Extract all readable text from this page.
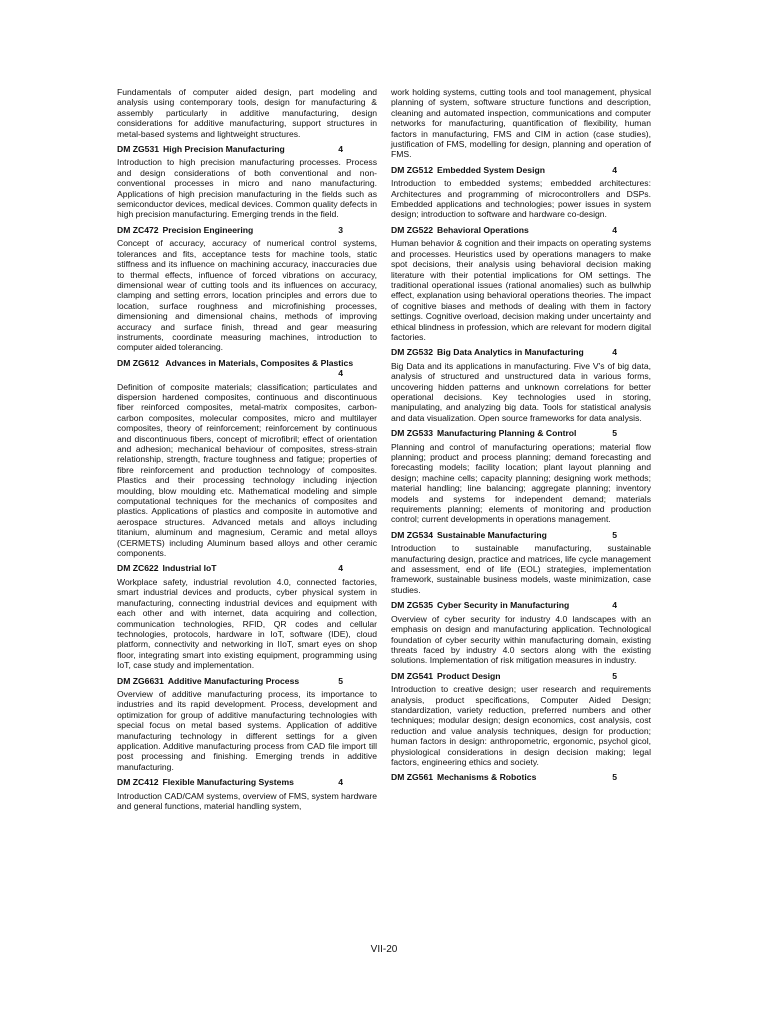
Fundamentals of computer aided design, part modeling and analysis using contemporary tools, design for manufacturing & assembly particularly in additive manufacturing, design considerations for additive manufacturing, support structures in metal-based systems and lightweight structures.

DM ZG531 High Precision Manufacturing	4

Introduction to high precision manufacturing processes. Process and design considerations of both conventional and non-conventional processes in micro and nano manufacturing. Applications of high precision manufacturing in the fields such as semiconductor devices, medical devices. Common quality defects in high precision manufacturing. Emerging trends in the field.

DM ZC472 Precision Engineering	3

Concept of accuracy, accuracy of numerical control systems, tolerances and fits, acceptance tests for machine tools, static stiffness and its influence on machining accuracy, inaccuracies due to thermal effects, influence of forced vibrations on accuracy, dimensional wear of cutting tools and its influences on accuracy, clamping and setting errors, location principles and errors due to location, surface roughness and microfinishing processes, dimensioning and dimensional chains, methods of improving accuracy and surface finish, thread and gear measuring instruments, coordinate measuring machines, introduction to computer aided tolerancing.

DM ZG612 Advances in Materials, Composites & Plastics
4

Definition of composite materials; classification; particulates and dispersion hardened composites, continuous and discontinuous fiber reinforced composites, metal-matrix composites, carbon-carbon composites, molecular composites, micro and multilayer composites, theory of reinforcement; reinforcement by continuous and discontinuous fibers, concept of microfibril; effect of orientation and adhesion; mechanical behaviour of composites, stress-strain relationship, strength, fracture toughness and fatigue; properties of fibre reinforcement and production technology of composites. Plastics and their processing technology including injection moulding, blow moulding etc. Mathematical modeling and simple computational techniques for the mechanics of composites and plastics. Applications of plastics and composite in automotive and aerospace structures. Advanced metals and alloys including titanium, aluminum and magnesium, Ceramic and metal alloys (CERMETS) including Aluminum based alloys and other ceramic components.

DM ZC622 Industrial IoT	4

Workplace safety, industrial revolution 4.0, connected factories, smart industrial devices and products, cyber physical system in manufacturing, connecting industrial devices and equipment with each other and with internet, data acquiring and collection, communication technologies, RFID, QR codes and cellular technologies, protocols, hardware in IoT, software (IDE), cloud platform, connectivity and networking in IIoT, smart eyes on shop floor, integrating smart into existing equipment, programming using IoT, case study and implementation.

DM ZG6631 Additive Manufacturing Process	5

Overview of additive manufacturing process, its importance to industries and its rapid development. Process, development and optimization for group of additive manufacturing technologies with special focus on metal based systems. Application of additive manufacturing technology in different settings for a given application. Additive manufacturing process from CAD file import till post processing and finishing. Emerging trends in additive manufacturing.

DM ZC412 Flexible Manufacturing Systems	4

Introduction CAD/CAM systems, overview of FMS, system hardware and general functions, material handling system,

work holding systems, cutting tools and tool management, physical planning of system, software structure functions and description, cleaning and automated inspection, communications and computer networks for manufacturing, quantification of flexibility, human factors in manufacturing, FMS and CIM in action (case studies), justification of FMS, modelling for design, planning and operation of FMS.

DM ZG512 Embedded System Design	4

Introduction to embedded systems; embedded architectures: Architectures and programming of microcontrollers and DSPs. Embedded applications and technologies; power issues in system design; introduction to software and hardware co-design.

DM ZG522 Behavioral Operations	4

Human behavior & cognition and their impacts on operating systems and processes. Heuristics used by operations managers to make spot decisions, their analysis using behavioral decision making literature with their potential implications for OM settings. The traditional operational issues (rational anomalies) such as bullwhip effect, explanation using behavioral operations theories. The impact of cognitive biases and methods of dealing with them in factory settings. Cognitive overload, decision making under uncertainty and ethical blindness in profession, which are relevant for modern digital factories.

DM ZG532 Big Data Analytics in Manufacturing	4

Big Data and its applications in manufacturing. Five V's of big data, analysis of structured and unstructured data in various forms, uncovering hidden patterns and unknown correlations for better operational decisions. Key technologies used in storing, manipulating, and analyzing big data. Tools for statistical analysis and data visualization. Open source frameworks for data analysis.

DM ZG533 Manufacturing Planning & Control	5

Planning and control of manufacturing operations; material flow planning; product and process planning; demand forecasting and forecasting models; facility location; plant layout planning and design; machine cells; capacity planning; designing work methods; material handling; line balancing; aggregate planning; inventory models and systems for independent demand; materials requirements planning; elements of monitoring and production control; current developments in operations management.

DM ZG534 Sustainable Manufacturing	5

Introduction to sustainable manufacturing, sustainable manufacturing design, practice and matrices, life cycle management and assessment, end of life (EOL) strategies, implementation framework, sustainable business models, waste minimization, case studies.

DM ZG535 Cyber Security in Manufacturing	4

Overview of cyber security for industry 4.0 landscapes with an emphasis on design and manufacturing application. Technological foundation of cyber security within manufacturing domain, existing threats faced by industry 4.0 sectors along with the existing solutions. Implementation of risk mitigation measures in industry.

DM ZG541 Product Design	5

Introduction to creative design; user research and requirements analysis, product specifications, Computer Aided Design; standardization, variety reduction, preferred numbers and other techniques; modular design; design economics, cost analysis, cost reduction and value analysis techniques, design for production; human factors in design: anthropometric, ergonomic, psychol gicol, physiological considerations in design decision making; legal factors, engineering ethics and society.

DM ZG561 Mechanisms & Robotics	5
VII-20
